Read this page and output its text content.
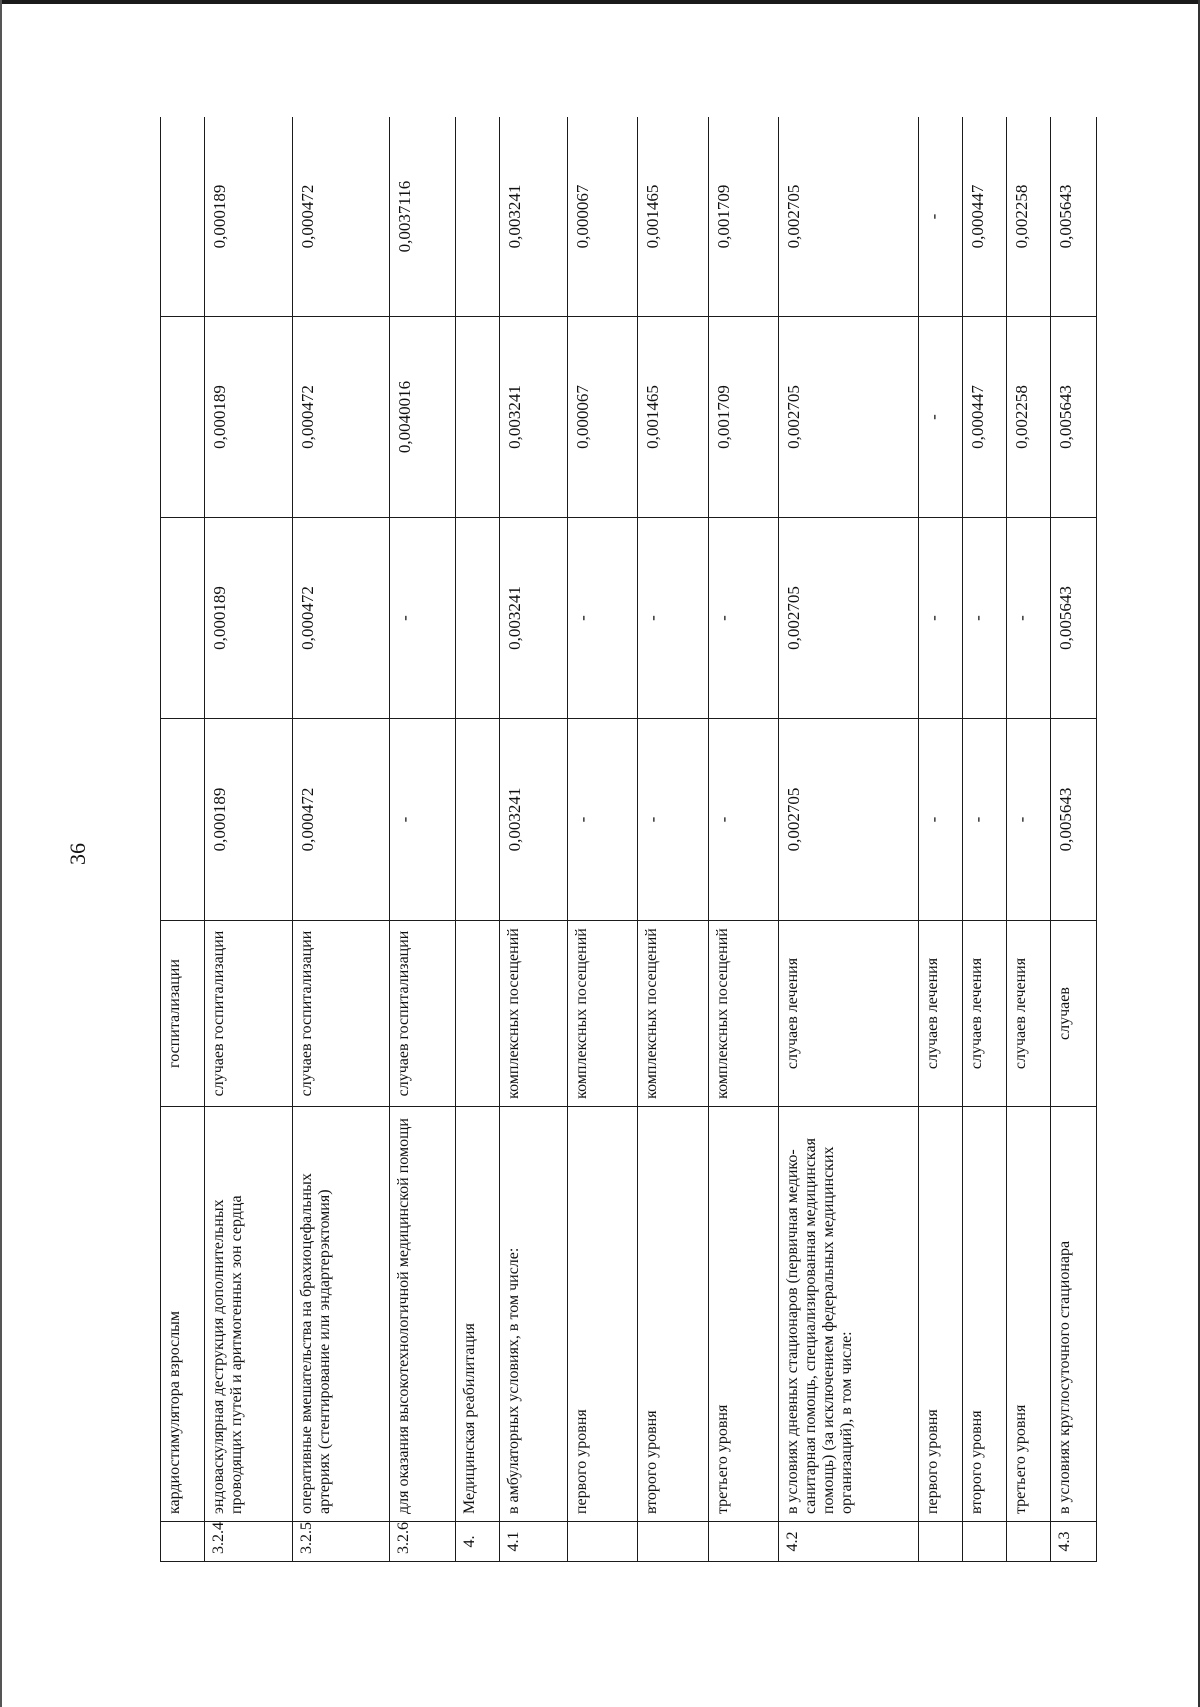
36
	кардиостимулятора взрослым	госпитализации				
3.2.4	эндоваскулярная деструкция дополнительных проводящих путей и аритмогенных зон сердца	случаев госпитализации	0,000189	0,000189	0,000189	0,000189
3.2.5	оперативные вмешательства на брахиоцефальных артериях (стентирование или эндартерэктомия)	случаев госпитализации	0,000472	0,000472	0,000472	0,000472
3.2.6	для оказания высокотехнологичной медицинской помощи	случаев госпитализации	-	-	0,0040016	0,0037116
4.	Медицинская реабилитация					
4.1	в амбулаторных условиях, в том числе:	комплексных посещений	0,003241	0,003241	0,003241	0,003241
	первого уровня	комплексных посещений	-	-	0,000067	0,000067
	второго уровня	комплексных посещений	-	-	0,001465	0,001465
	третьего уровня	комплексных посещений	-	-	0,001709	0,001709
4.2	в условиях дневных стационаров (первичная медико-санитарная помощь, специализированная медицинская помощь) (за исключением федеральных медицинских организаций), в том числе:	случаев лечения	0,002705	0,002705	0,002705	0,002705
	первого уровня	случаев лечения	-	-	-	-
	второго уровня	случаев лечения	-	-	0,000447	0,000447
	третьего уровня	случаев лечения	-	-	0,002258	0,002258
4.3	в условиях круглосуточного стационара	случаев	0,005643	0,005643	0,005643	0,005643
